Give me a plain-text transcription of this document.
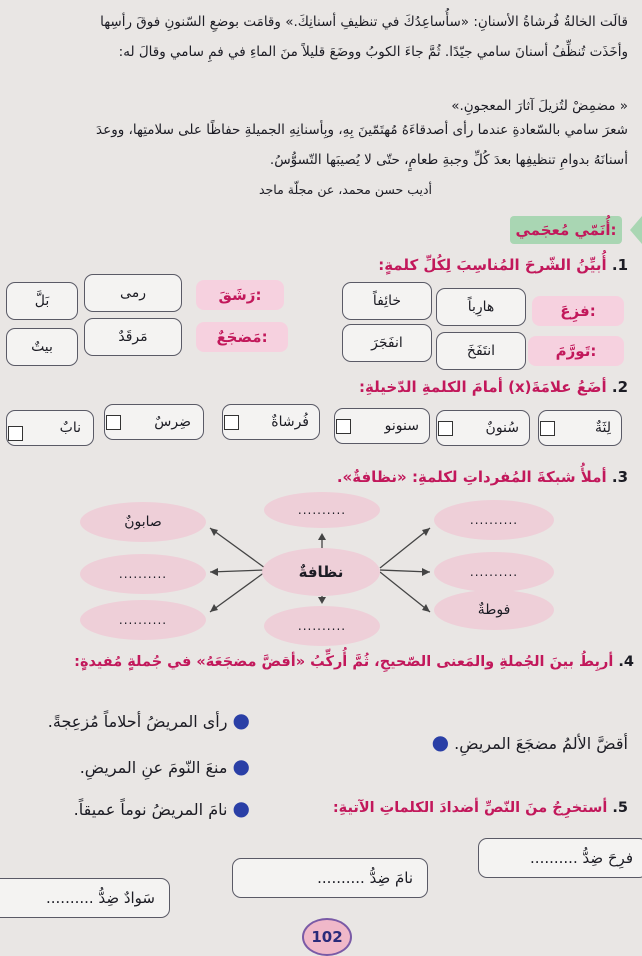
قالَت الخالةُ فُرشاةُ الأسنانِ: «سأُساعِدُكَ في تنظيفِ أسنانِكَ.» وقامَت بوضعِ السّنونِ فوقَ رأسِها
وأخَذَت تُنظِّفُ أسنانَ سامي جيّدًا. ثُمَّ جاءَ الكوبُ ووضَعَ قليلاً منَ الماءِ في فمِ سامي وقالَ له:
« مضمِضْ لتُزيلَ آثارَ المعجونِ.»
شعرَ سامي بالسّعادةِ عندما رأى أصدقاءَهُ مُهتَمّينَ بِهِ، وبِأسنانِهِ الجميلةِ حفاظًا على سلامتِها، ووعدَ
أسنانَهُ بدوامِ تنظيفِها بعدَ كُلِّ وجبةِ طعامٍ، حتّى لا يُصيبَها التّسوُّسُ.
أديب حسن محمد، عن مجلّة ماجد
أُنَمّي مُعجَمي:
1. أُبيِّنُ الشّرحَ المُناسِبَ لِكُلِّ كلمةٍ:
فزِعَ:
هارِباً
خائِفاً
رَشَقَ:
رمى
بَلَّ
تَورَّمَ:
انتَفَخَ
انفَجَرَ
مَضجَعٌ:
مَرقَدٌ
بيتٌ
2. أضَعُ علامَةَ(x) أمامَ الكلمةِ الدّخيلةِ:
لِثَةٌ
سُنونٌ
سنونو
فُرشاةٌ
ضِرسٌ
نابٌ
3. أملأُ شبكةَ المُفرداتِ لكلمةِ: «نظافةٌ».
نظافةٌ
..........
..........
صابونٌ
..........
..........
..........
..........
فوطةٌ
4. أربِطُ بينَ الجُملةِ والمَعنى الصّحيحِ، ثُمَّ أُركِّبُ «أقضَّ مضجَعَهُ» في جُملةٍ مُفيدةٍ:
أقضَّ الألمُ مضجَعَ المريضِ. ●
● رأى المريضُ أحلاماً مُزعِجةً.
● منعَ النّومَ عنِ المريضِ.
● نامَ المريضُ نوماً عميقاً.	5. أستخرِجُ منَ النّصِّ أضدادَ الكلماتِ الآتيةِ:
فرِحَ ضِدُّ ..........
نامَ ضِدُّ ..........
سَوادٌ ضِدُّ ..........
102
